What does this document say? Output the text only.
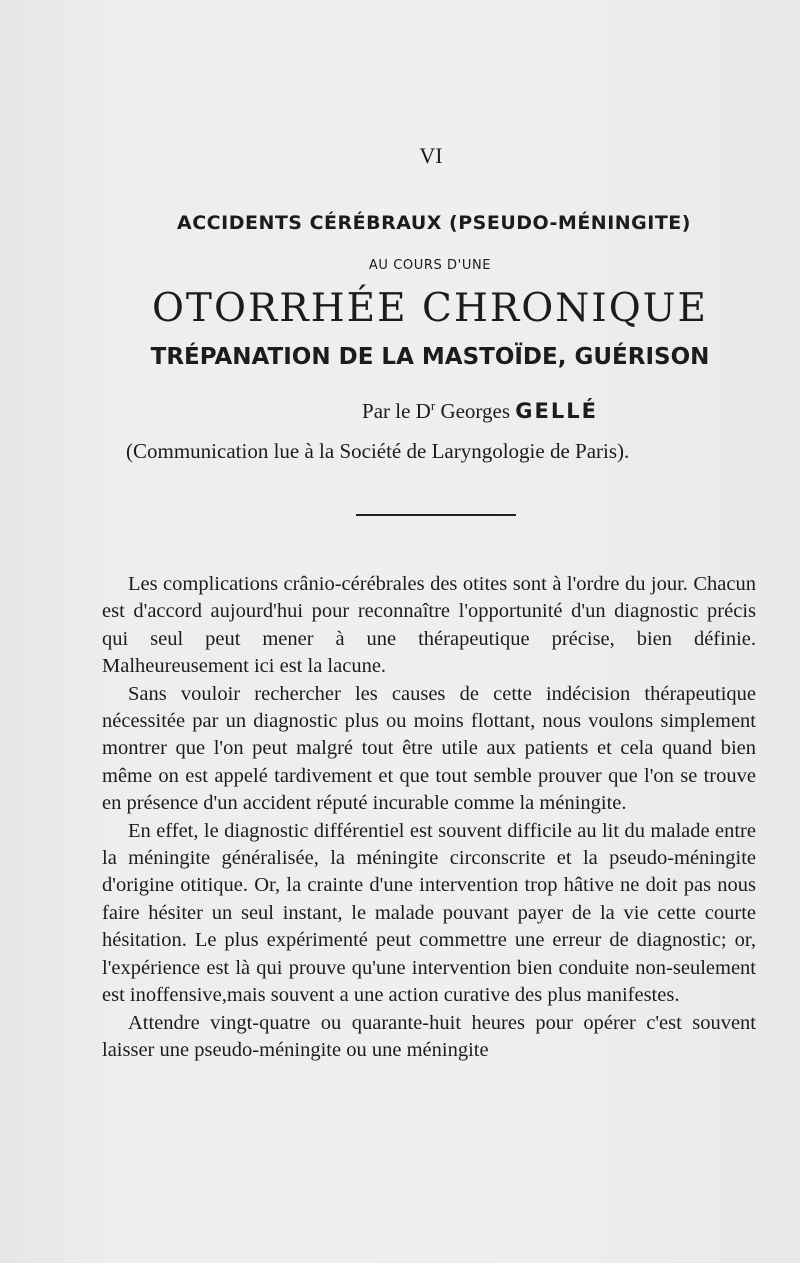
VI
ACCIDENTS CÉRÉBRAUX (PSEUDO-MÉNINGITE)
AU COURS D'UNE
OTORRHÉE CHRONIQUE
TRÉPANATION DE LA MASTOÏDE, GUÉRISON
Par le $D^r$ Georges GELLÉ
(Communication lue à la Société de Laryngologie de Paris).

Les complications crânio-cérébrales des otites sont à l'ordre du jour. Chacun est d'accord aujourd'hui pour reconnaître l'opportunité d'un diagnostic précis qui seul peut mener à une thérapeutique précise, bien définie. Malheureusement ici est la lacune.

Sans vouloir rechercher les causes de cette indécision thérapeutique nécessitée par un diagnostic plus ou moins flottant, nous voulons simplement montrer que l'on peut malgré tout être utile aux patients et cela quand bien même on est appelé tardivement et que tout semble prouver que l'on se trouve en présence d'un accident réputé incurable comme la méningite.

En effet, le diagnostic différentiel est souvent difficile au lit du malade entre la méningite généralisée, la méningite circonscrite et la pseudo-méningite d'origine otitique. Or, la crainte d'une intervention trop hâtive ne doit pas nous faire hésiter un seul instant, le malade pouvant payer de la vie cette courte hésitation. Le plus expérimenté peut commettre une erreur de diagnostic; or, l'expérience est là qui prouve qu'une intervention bien conduite non-seulement est inoffensive,mais souvent a une action curative des plus manifestes.

Attendre vingt-quatre ou quarante-huit heures pour opérer c'est souvent laisser une pseudo-méningite ou une méningite
